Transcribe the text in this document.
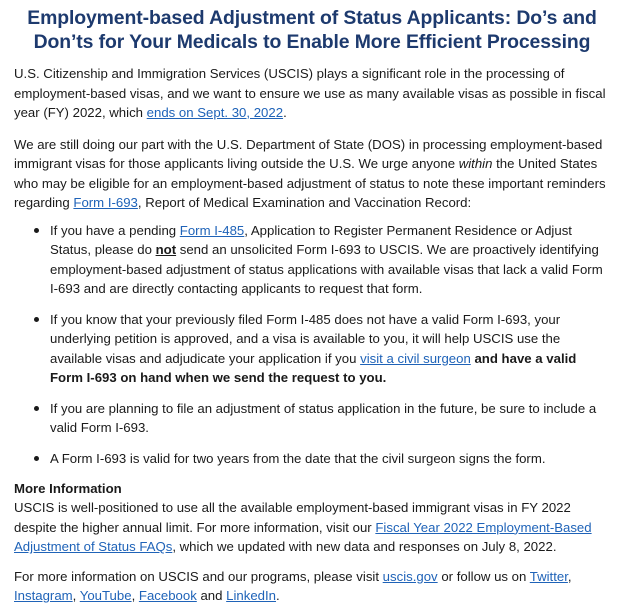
Employment-based Adjustment of Status Applicants: Do’s and
Don’ts for Your Medicals to Enable More Efficient Processing

U.S. Citizenship and Immigration Services (USCIS) plays a significant role in the processing of employment-based visas, and we want to ensure we use as many available visas as possible in fiscal year (FY) 2022, which ends on Sept. 30, 2022.

We are still doing our part with the U.S. Department of State (DOS) in processing employment-based immigrant visas for those applicants living outside the U.S. We urge anyone within the United States who may be eligible for an employment-based adjustment of status to note these important reminders regarding Form I-693, Report of Medical Examination and Vaccination Record:

If you have a pending Form I-485, Application to Register Permanent Residence or Adjust Status, please do not send an unsolicited Form I-693 to USCIS. We are proactively identifying employment-based adjustment of status applications with available visas that lack a valid Form I-693 and are directly contacting applicants to request that form.
If you know that your previously filed Form I-485 does not have a valid Form I-693, your underlying petition is approved, and a visa is available to you, it will help USCIS use the available visas and adjudicate your application if you visit a civil surgeon and have a valid Form I-693 on hand when we send the request to you.
If you are planning to file an adjustment of status application in the future, be sure to include a valid Form I-693.
A Form I-693 is valid for two years from the date that the civil surgeon signs the form.
More Information

USCIS is well-positioned to use all the available employment-based immigrant visas in FY 2022 despite the higher annual limit. For more information, visit our Fiscal Year 2022 Employment-Based Adjustment of Status FAQs, which we updated with new data and responses on July 8, 2022.

For more information on USCIS and our programs, please visit uscis.gov or follow us on Twitter, Instagram, YouTube, Facebook and LinkedIn.
